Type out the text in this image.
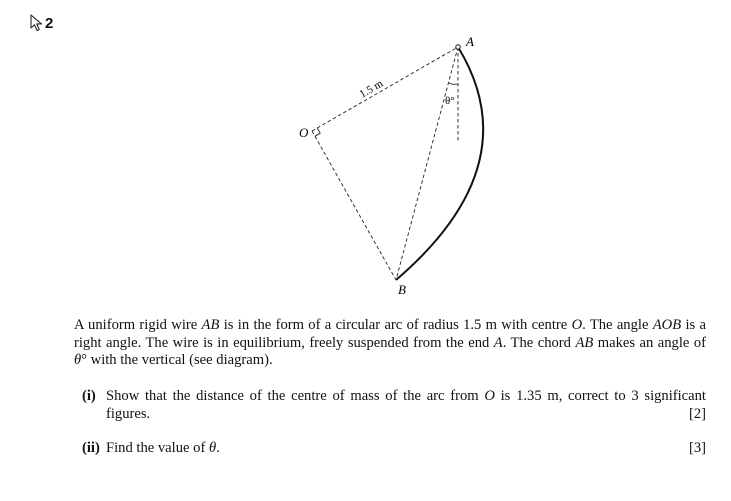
2
A
B
O
1.5 m
θ°

A uniform rigid wire AB is in the form of a circular arc of radius 1.5 m with centre O. The angle AOB is a right angle. The wire is in equilibrium, freely suspended from the end A. The chord AB makes an angle of θ° with the vertical (see diagram).

(i) Show that the distance of the centre of mass of the arc from O is 1.35 m, correct to 3 significant figures.	[2]
(ii) Find the value of θ.	[3]
